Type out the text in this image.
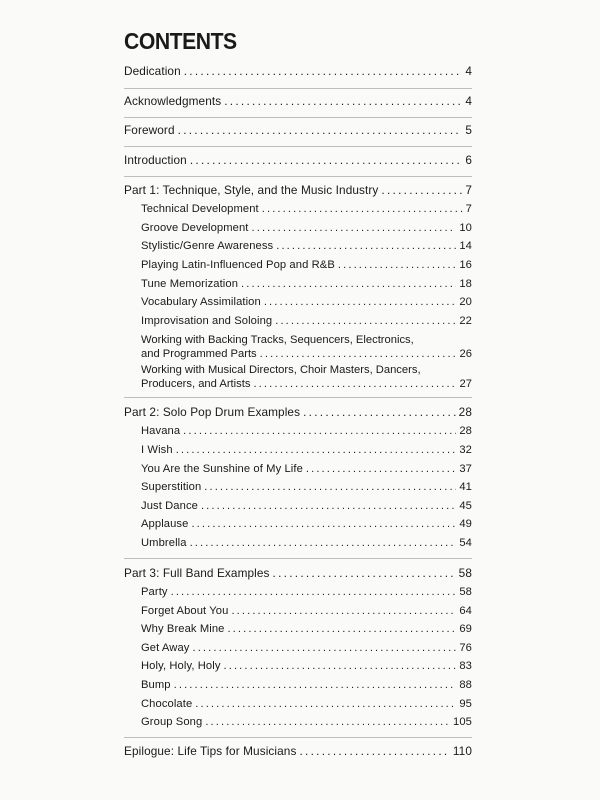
CONTENTS
Dedication . . .	4
Acknowledgments . . .	4
Foreword . . .	5
Introduction . . .	6
Part 1: Technique, Style, and the Music Industry . . .	7
Technical Development . . .	7
Groove Development . . .	10
Stylistic/Genre Awareness . . .	14
Playing Latin-Influenced Pop and R&B . . .	16
Tune Memorization . . .	18
Vocabulary Assimilation . . .	20
Improvisation and Soloing . . .	22
Working with Backing Tracks, Sequencers, Electronics,
and Programmed Parts . . .	26
Working with Musical Directors, Choir Masters, Dancers,
Producers, and Artists . . .	27
Part 2: Solo Pop Drum Examples . . .	28
Havana . . .	28
I Wish . . .	32
You Are the Sunshine of My Life . . .	37
Superstition . . .	41
Just Dance . . .	45
Applause . . .	49
Umbrella . . .	54
Part 3: Full Band Examples . . .	58
Party . . .	58
Forget About You . . .	64
Why Break Mine . . .	69
Get Away . . .	76
Holy, Holy, Holy . . .	83
Bump . . .	88
Chocolate . . .	95
Group Song . . .	105
Epilogue: Life Tips for Musicians . . .	110
